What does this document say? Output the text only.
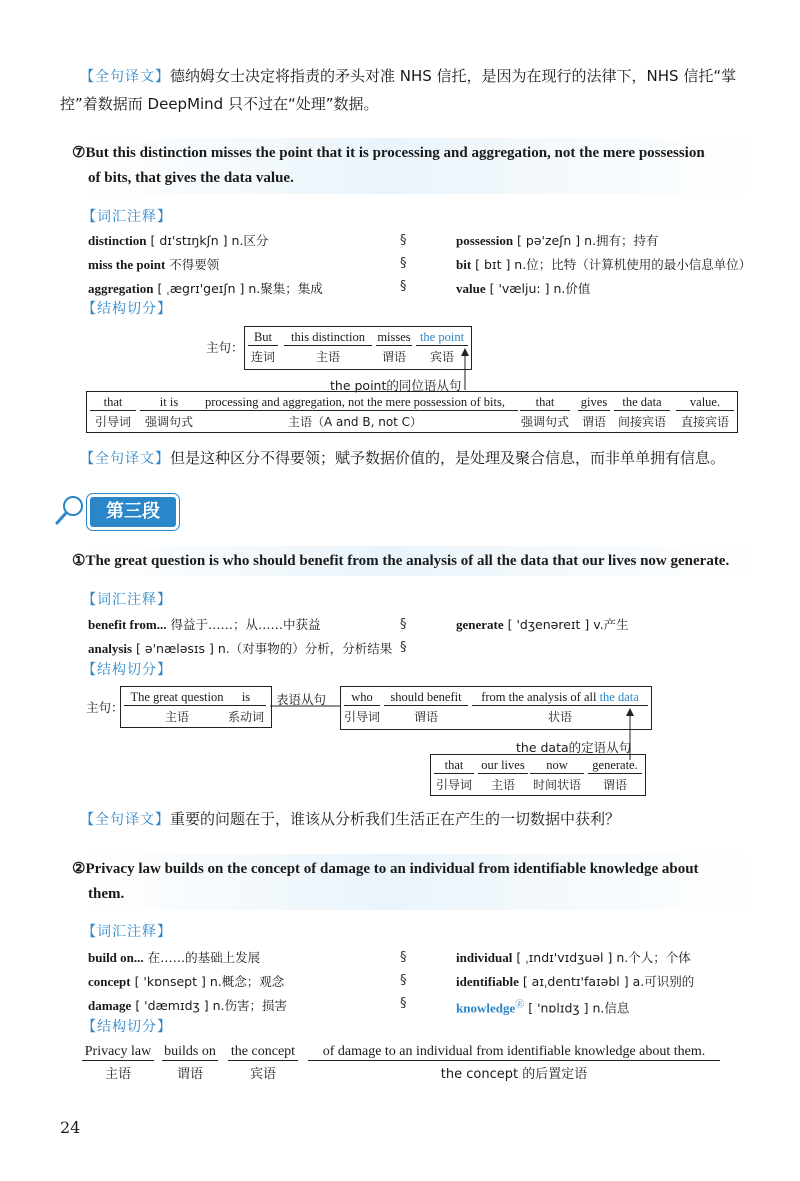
【全句译文】德纳姆女士决定将指责的矛头对准 NHS 信托，是因为在现行的法律下，NHS 信托“掌
控”着数据而 DeepMind 只不过在“处理”数据。
⑦But this distinction misses the point that it is processing and aggregation, not the mere possession
of bits, that gives the data value.
【词汇注释】
distinction [ dɪ'stɪŋkʃn ] n.区分
miss the point 不得要领
aggregation [ ˌægrɪ'geɪʃn ] n.聚集；集成
§
§
§
possession [ pə'zeʃn ] n.拥有；持有
bit [ bɪt ] n.位；比特（计算机使用的最小信息单位）
value [ 'vælju: ] n.价值
【结构切分】
主句：
But
连词
this distinction
主语
misses
谓语
the point
宾语
the point的同位语从句
that
引导词
it is
强调句式
processing and aggregation, not the mere possession of bits,
主语（A and B, not C）
that
强调句式
gives
谓语
the data
间接宾语
value.
直接宾语
【全句译文】但是这种区分不得要领；赋予数据价值的，是处理及聚合信息，而非单单拥有信息。
第三段
①The great question is who should benefit from the analysis of all the data that our lives now generate.
【词汇注释】
benefit from... 得益于……；从……中获益
analysis [ ə'næləsɪs ] n.（对事物的）分析，分析结果
§
§
generate [ 'dʒenəreɪt ] v.产生
【结构切分】
主句：
The great question
主语
is
系动词
表语从句	who
引导词
should benefit
谓语
from the analysis of all the data
状语
the data的定语从句
that
引导词
our lives
主语
now
时间状语
generate.
谓语
【全句译文】重要的问题在于，谁该从分析我们生活正在产生的一切数据中获利？
②Privacy law builds on the concept of damage to an individual from identifiable knowledge about
them.
【词汇注释】
build on... 在……的基础上发展
concept [ 'kɒnsept ] n.概念；观念
damage [ 'dæmɪdʒ ] n.伤害；损害
§
§
§
individual [ ˌɪndɪ'vɪdʒuəl ] n.个人；个体
identifiable [ aɪˌdentɪ'faɪəbl ] a.可识别的
knowledge㊣ [ 'nɒlɪdʒ ] n.信息
【结构切分】
Privacy law
主语
builds on
谓语
the concept
宾语
of damage to an individual from identifiable knowledge about them.
the concept 的后置定语
24
